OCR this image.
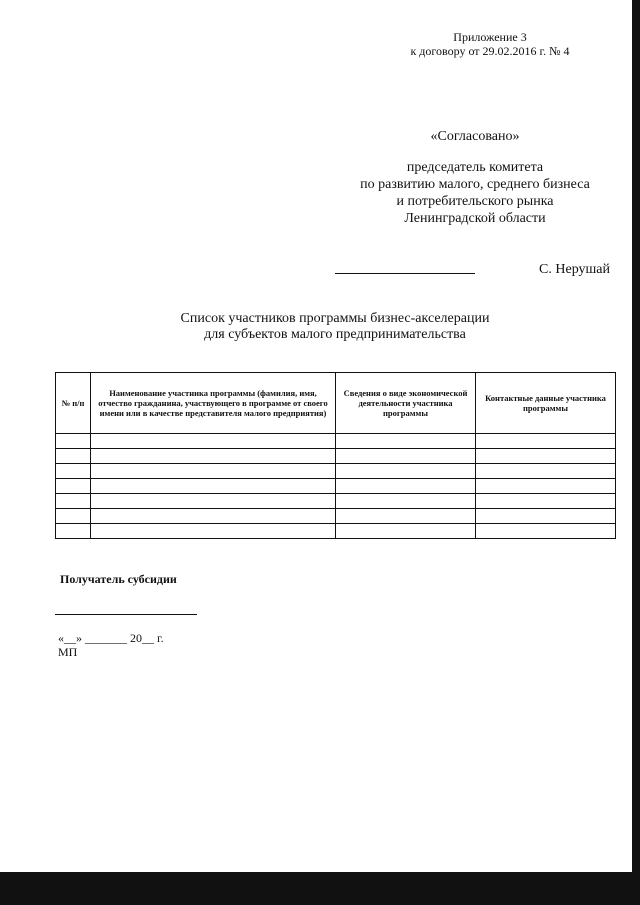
Приложение 3
к договору от 29.02.2016 г. № 4
«Согласовано»
председатель комитета
по развитию малого, среднего бизнеса
и потребительского рынка
Ленинградской области
С. Нерушай
Список участников программы бизнес-акселерации
для субъектов малого предпринимательства
№ п/п	Наименование участника программы (фамилия, имя, отчество гражданина, участвующего в программе от своего имени или в качестве представителя малого предприятия)	Сведения о виде экономической деятельности участника программы	Контактные данные участника программы

Получатель субсидии
«__» _______ 20__ г.
МП
